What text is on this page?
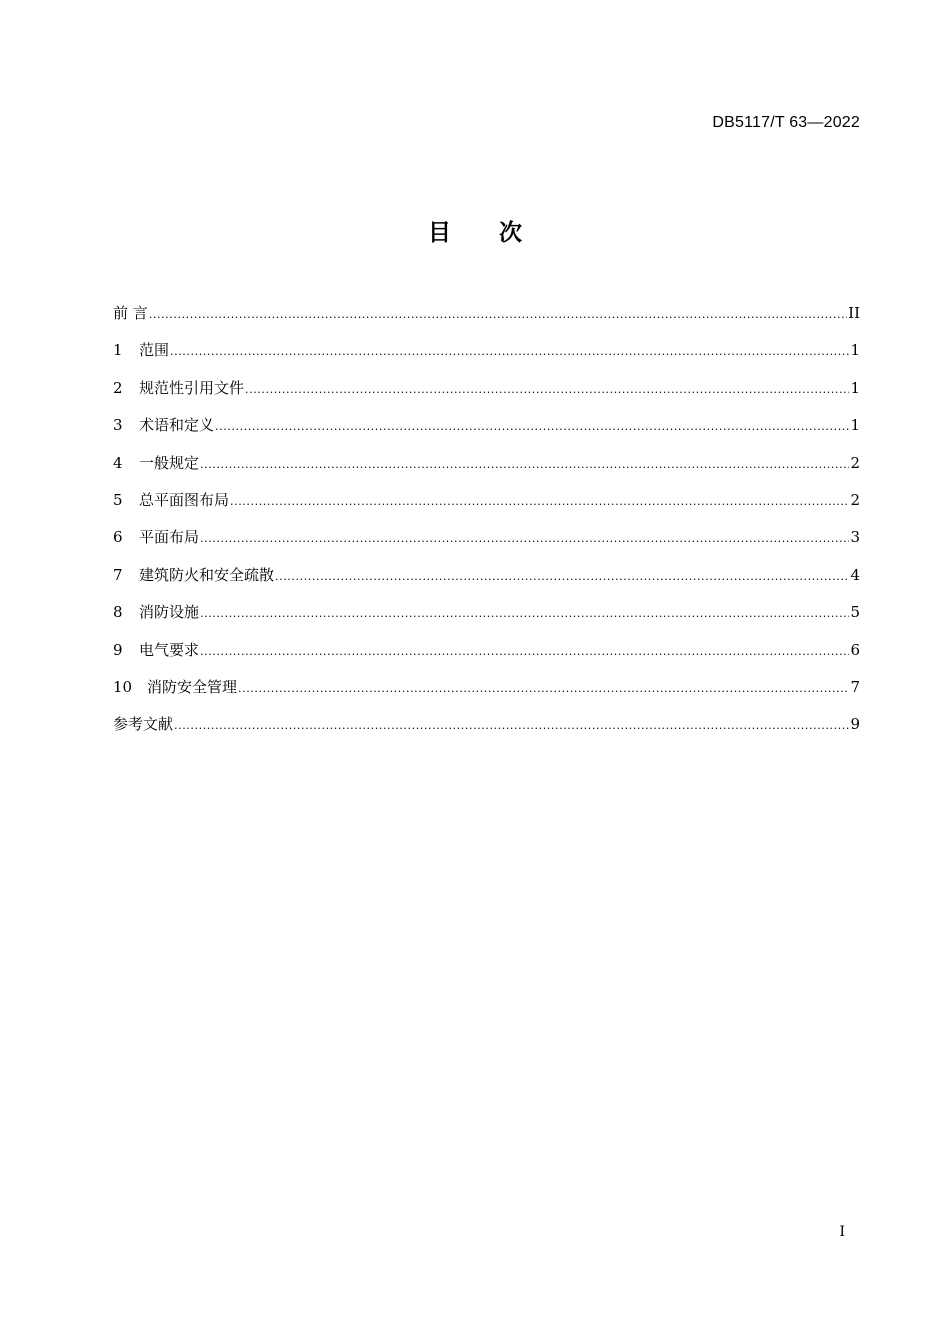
DB5117/T 63—2022
目 次
前 言 .....	II
1	范围 .....	1
2	规范性引用文件 .....	1
3	术语和定义 .....	1
4	一般规定 .....	2
5	总平面图布局 .....	2
6	平面布局 .....	3
7	建筑防火和安全疏散 .....	4
8	消防设施 .....	5
9	电气要求 .....	6
10 消防安全管理 .....	7
参考文献 .....	9
I
